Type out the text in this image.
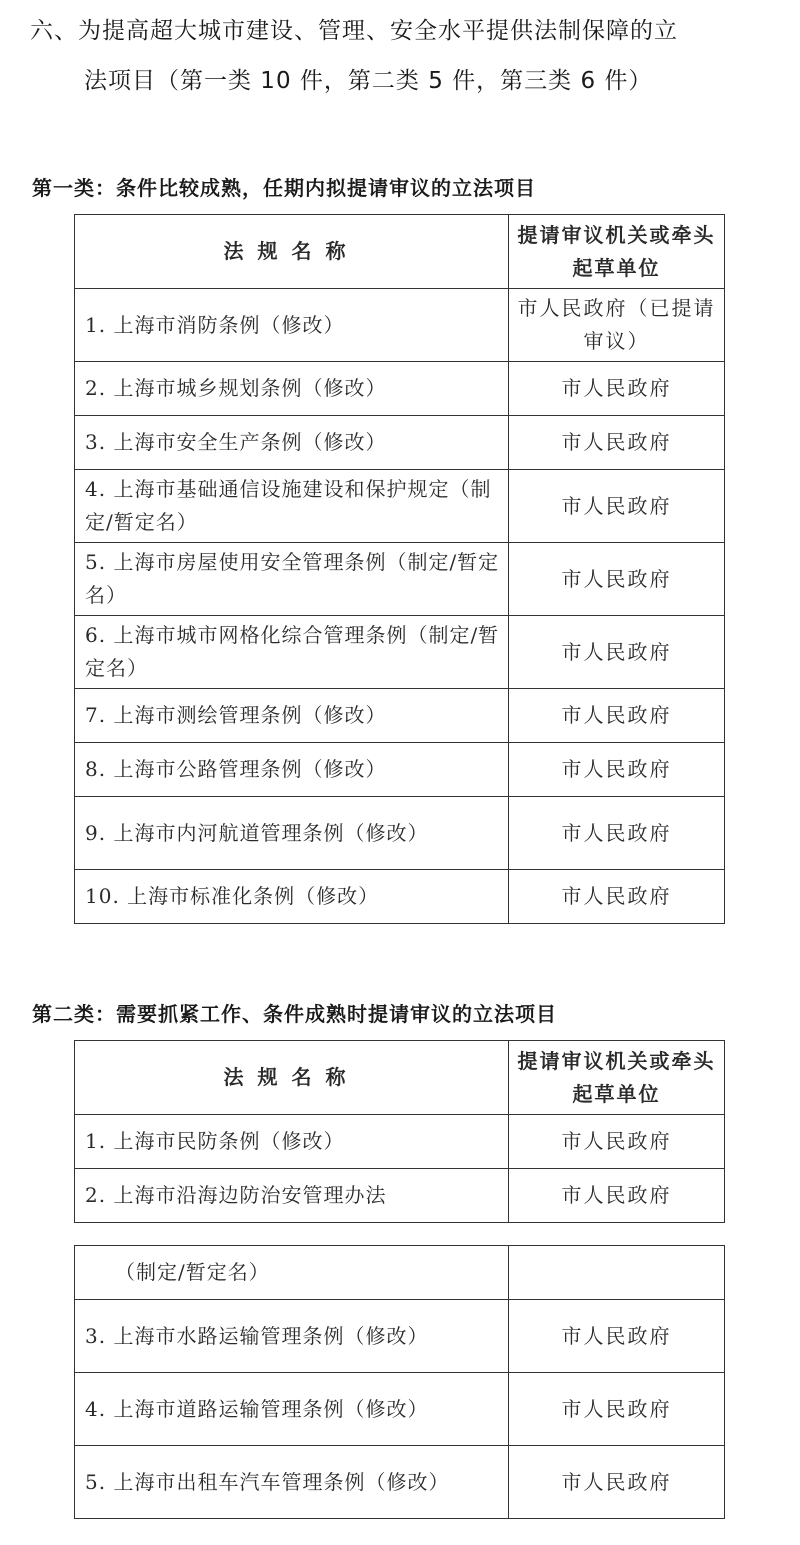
六、为提高超大城市建设、管理、安全水平提供法制保障的立
法项目（第一类 10 件，第二类 5 件，第三类 6 件）
第一类：条件比较成熟，任期内拟提请审议的立法项目
法规名称	提请审议机关或牵头起草单位
1. 上海市消防条例（修改）	市人民政府（已提请审议）
2. 上海市城乡规划条例（修改）	市人民政府
3. 上海市安全生产条例（修改）	市人民政府
4. 上海市基础通信设施建设和保护规定（制定/暂定名）	市人民政府
5. 上海市房屋使用安全管理条例（制定/暂定名）	市人民政府
6. 上海市城市网格化综合管理条例（制定/暂定名）	市人民政府
7. 上海市测绘管理条例（修改）	市人民政府
8. 上海市公路管理条例（修改）	市人民政府
9. 上海市内河航道管理条例（修改）	市人民政府
10. 上海市标准化条例（修改）	市人民政府
第二类：需要抓紧工作、条件成熟时提请审议的立法项目
法规名称	提请审议机关或牵头起草单位
1. 上海市民防条例（修改）	市人民政府
2. 上海市沿海边防治安管理办法	市人民政府
（制定/暂定名）	
3. 上海市水路运输管理条例（修改）	市人民政府
4. 上海市道路运输管理条例（修改）	市人民政府
5. 上海市出租车汽车管理条例（修改）	市人民政府
